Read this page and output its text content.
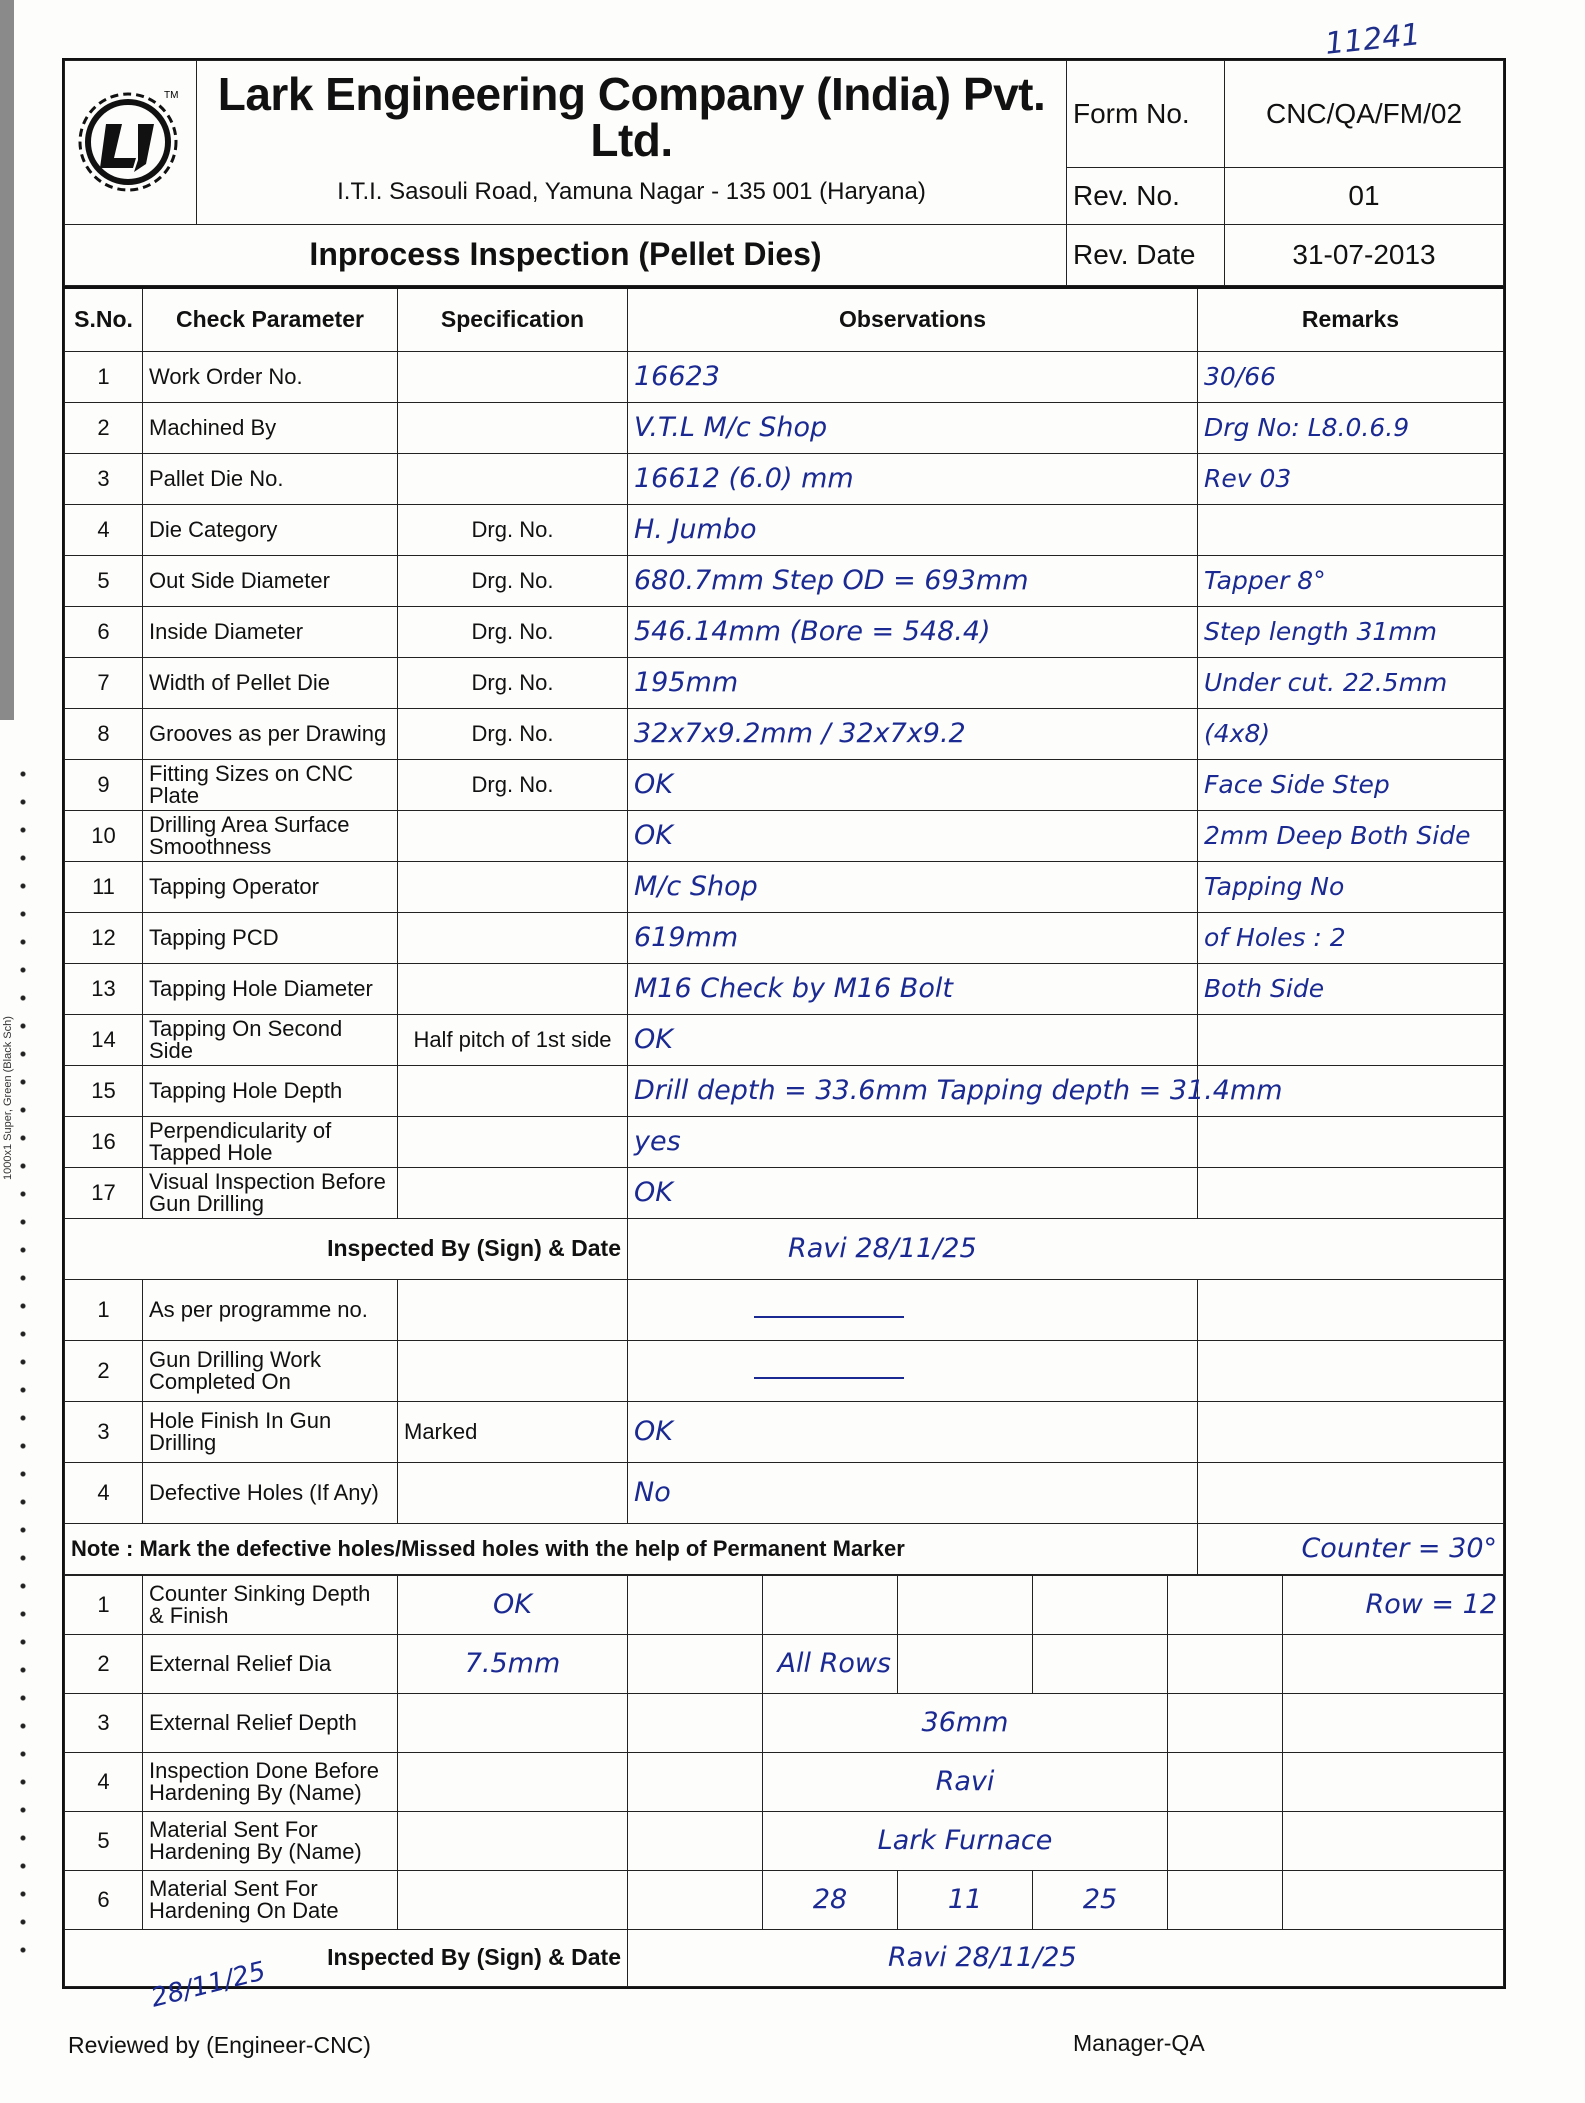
1000x1 Super, Green (Black Sch)
11241
TM	Lark Engineering Company (India) Pvt. Ltd.	Form No.	CNC/QA/FM/02

	I.T.I. Sasouli Road, Yamuna Nagar - 135 001 (Haryana)	Rev. No.	01
Inprocess Inspection (Pellet Dies)		Rev. Date	31-07-2013
S.No.	Check Parameter	Specification	Observations	Remarks
1	Work Order No.		16623	30/66
2	Machined By		V.T.L M/c Shop	Drg No: L8.0.6.9
3	Pallet Die No.		16612 (6.0) mm	Rev 03
4	Die Category	Drg. No.	H. Jumbo	
5	Out Side Diameter	Drg. No.	680.7mm Step OD = 693mm	Tapper 8°
6	Inside Diameter	Drg. No.	546.14mm (Bore = 548.4)	Step length 31mm
7	Width of Pellet Die	Drg. No.	195mm	Under cut. 22.5mm
8	Grooves as per Drawing	Drg. No.	32x7x9.2mm / 32x7x9.2	(4x8)
9	Fitting Sizes on CNC Plate	Drg. No.	OK	Face Side Step
10	Drilling Area Surface Smoothness		OK	2mm Deep Both Side
11	Tapping Operator		M/c Shop	Tapping No
12	Tapping PCD		619mm	of Holes : 2
13	Tapping Hole Diameter		M16 Check by M16 Bolt	Both Side
14	Tapping On Second Side	Half pitch of 1st side	OK	
15	Tapping Hole Depth		Drill depth = 33.6mm Tapping depth = 31.4mm	
16	Perpendicularity of Tapped Hole		yes	
17	Visual Inspection Before Gun Drilling		OK	
Inspected By (Sign) & Date			Ravi 28/11/25	
1	As per programme no.			
2	Gun Drilling Work Completed On			
3	Hole Finish In Gun Drilling	Marked	OK	
4	Defective Holes (If Any)		No	
Note : Mark the defective holes/Missed holes with the help of Permanent Marker				Counter = 30°
1	Counter Sinking Depth & Finish	OK						Row = 12
2	External Relief Dia	7.5mm		All Rows				
3	External Relief Depth			36mm				
4	Inspection Done Before Hardening By (Name)			Ravi				
5	Material Sent For Hardening By (Name)			Lark Furnace				
6	Material Sent For Hardening On Date			28	11	25		
Inspected By (Sign) & Date			Ravi 28/11/25					
28/11/25
Reviewed by (Engineer-CNC)	Manager-QA
